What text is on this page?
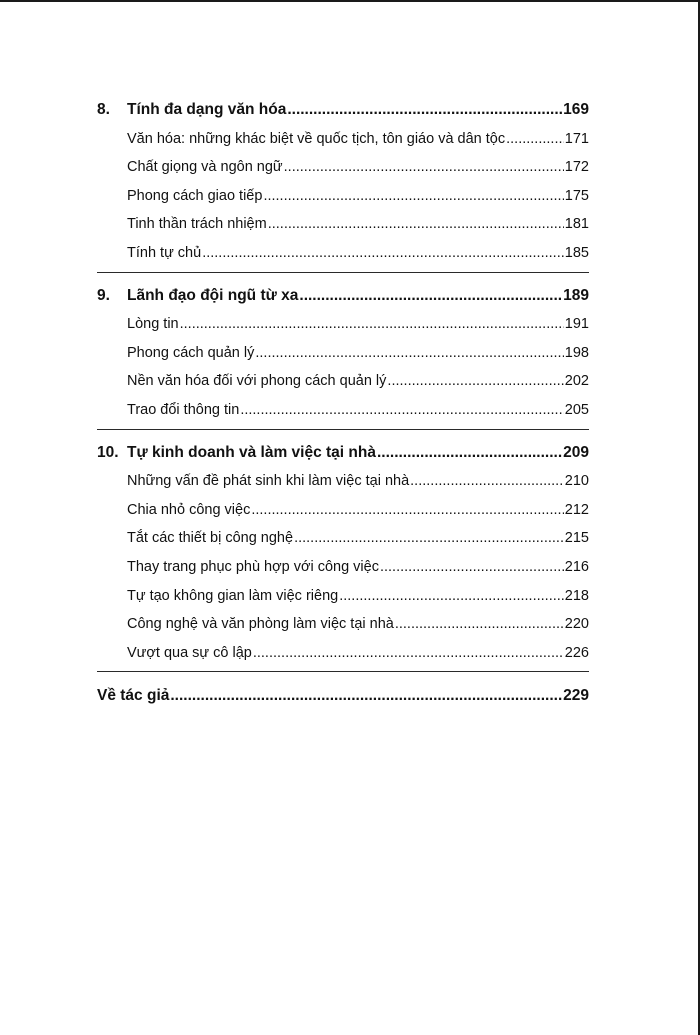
8.	Tính đa dạng văn hóa .....	169
Văn hóa: những khác biệt về quốc tịch, tôn giáo và dân tộc .....	171
Chất giọng và ngôn ngữ .....	172
Phong cách giao tiếp .....	175
Tinh thần trách nhiệm .....	181
Tính tự chủ .....	185
9.	Lãnh đạo đội ngũ từ xa .....	189
Lòng tin .....	191
Phong cách quản lý .....	198
Nền văn hóa đối với phong cách quản lý .....	202
Trao đổi thông tin .....	205
10. Tự kinh doanh và làm việc tại nhà .....	209
Những vấn đề phát sinh khi làm việc tại nhà .....	210
Chia nhỏ công việc .....	212
Tắt các thiết bị công nghệ .....	215
Thay trang phục phù hợp với công việc .....	216
Tự tạo không gian làm việc riêng .....	218
Công nghệ và văn phòng làm việc tại nhà .....	220
Vượt qua sự cô lập .....	226
Về tác giả .....	229
